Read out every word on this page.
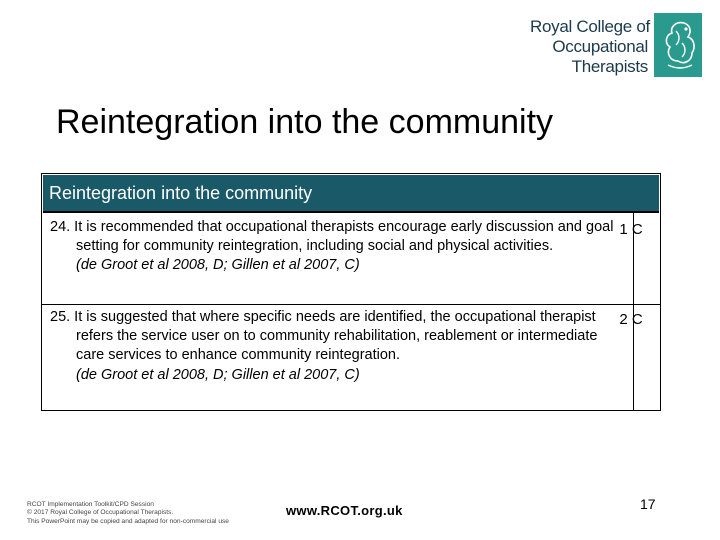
Royal College of
Occupational
Therapists
Reintegration into the community
Reintegration into the community
24. It is recommended that occupational therapists encourage early discussion and goal setting for community reintegration, including social and physical activities.
(de Groot et al 2008, D; Gillen et al 2007, C)
1 C
25. It is suggested that where specific needs are identified, the occupational therapist refers the service user on to community rehabilitation, reablement or intermediate care services to enhance community reintegration.
(de Groot et al 2008, D; Gillen et al 2007, C)
2 C
RCOT Implementation Toolkit/CPD Session
© 2017 Royal College of Occupational Therapists.
This PowerPoint may be copied and adapted for non-commercial use
www.RCOT.org.uk	17
